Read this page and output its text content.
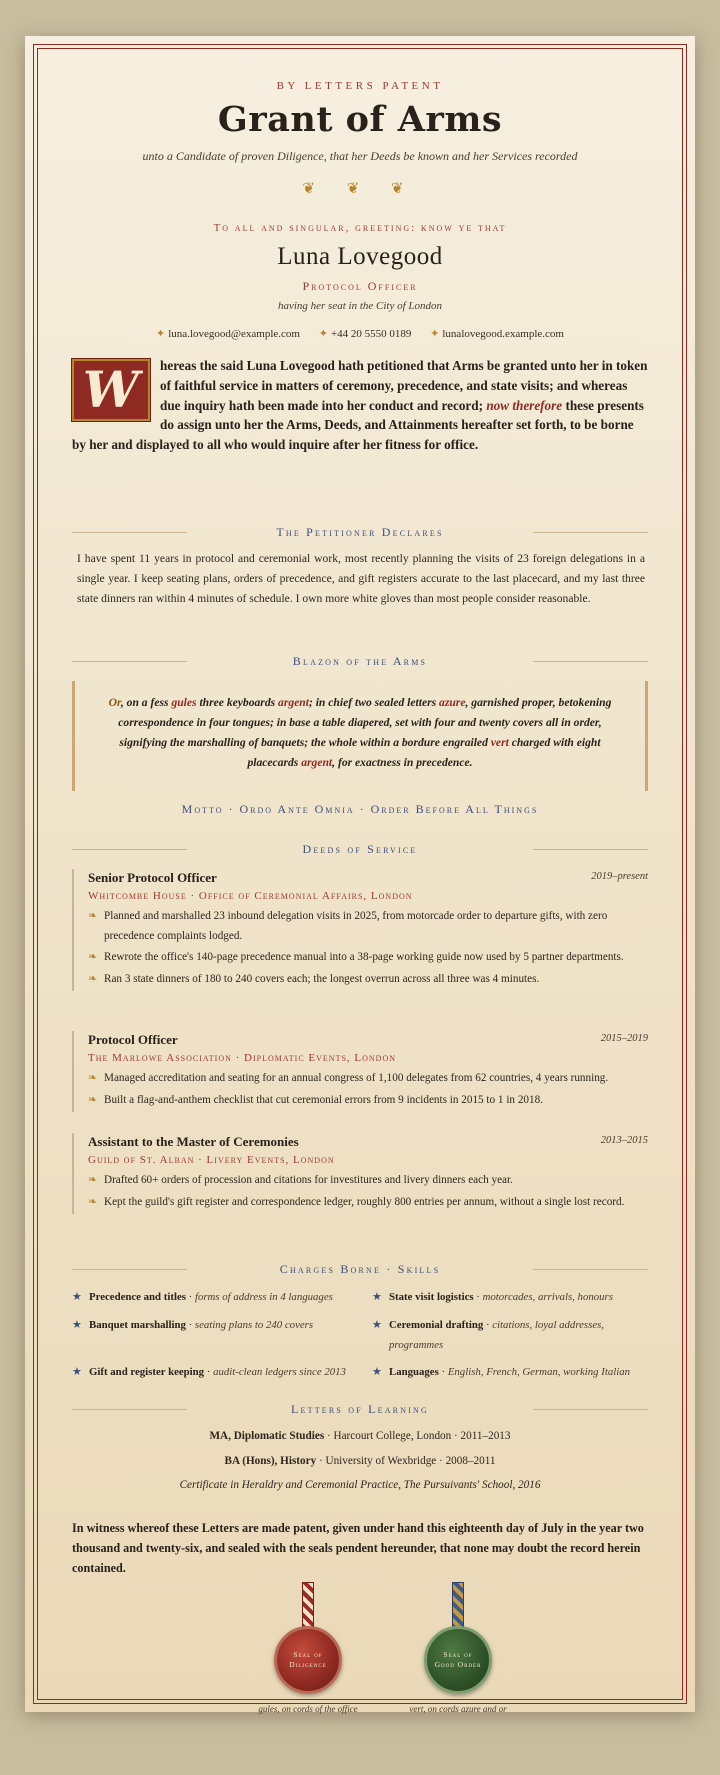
BY LETTERS PATENT
Grant of Arms
unto a Candidate of proven Diligence, that her Deeds be known and her Services recorded
❦ ❦ ❦
To all and singular, greeting: know ye that
Luna Lovegood
Protocol Officer
having her seat in the City of London
✦ luna.lovegood@example.com ✦ +44 20 5550 0189 ✦ lunalovegood.example.com
W	hereas the said Luna Lovegood hath petitioned that Arms be granted unto her in token of faithful service in matters of ceremony, precedence, and state visits; and whereas due inquiry hath been made into her conduct and record; now therefore these presents do assign unto her the Arms, Deeds, and Attainments hereafter set forth, to be borne by her and displayed to all who would inquire after her fitness for office.
The Petitioner Declares
I have spent 11 years in protocol and ceremonial work, most recently planning the visits of 23 foreign delegations in a single year. I keep seating plans, orders of precedence, and gift registers accurate to the last placecard, and my last three state dinners ran within 4 minutes of schedule. I own more white gloves than most people consider reasonable.
Blazon of the Arms
Or, on a fess gules three keyboards argent; in chief two sealed letters azure, garnished proper, betokening correspondence in four tongues; in base a table diapered, set with four and twenty covers all in order, signifying the marshalling of banquets; the whole within a bordure engrailed vert charged with eight placecards argent, for exactness in precedence.
Motto · Ordo Ante Omnia · Order Before All Things
Deeds of Service
Senior Protocol Officer	2019–present
Whitcombe House · Office of Ceremonial Affairs, London
❧ Planned and marshalled 23 inbound delegation visits in 2025, from motorcade order to departure gifts, with zero precedence complaints lodged.
❧ Rewrote the office's 140-page precedence manual into a 38-page working guide now used by 5 partner departments.
❧ Ran 3 state dinners of 180 to 240 covers each; the longest overrun across all three was 4 minutes.
Protocol Officer	2015–2019
The Marlowe Association · Diplomatic Events, London
❧ Managed accreditation and seating for an annual congress of 1,100 delegates from 62 countries, 4 years running.
❧ Built a flag-and-anthem checklist that cut ceremonial errors from 9 incidents in 2015 to 1 in 2018.
Assistant to the Master of Ceremonies	2013–2015
Guild of St. Alban · Livery Events, London
❧ Drafted 60+ orders of procession and citations for investitures and livery dinners each year.
❧ Kept the guild's gift register and correspondence ledger, roughly 800 entries per annum, without a single lost record.
Charges Borne · Skills
★ Precedence and titles · forms of address in 4 languages	★ State visit logistics · motorcades, arrivals, honours
★ Banquet marshalling · seating plans to 240 covers	★ Ceremonial drafting · citations, loyal addresses, programmes
★ Gift and register keeping · audit-clean ledgers since 2013	★ Languages · English, French, German, working Italian
Letters of Learning
MA, Diplomatic Studies · Harcourt College, London · 2011–2013
BA (Hons), History · University of Wexbridge · 2008–2011
Certificate in Heraldry and Ceremonial Practice, The Pursuivants' School, 2016
In witness whereof these Letters are made patent, given under hand this eighteenth day of July in the year two thousand and twenty-six, and sealed with the seals pendent hereunder, that none may doubt the record herein contained.
Seal of
Diligence
gules, on cords of the office
Seal of
Good Order
vert, on cords azure and or
